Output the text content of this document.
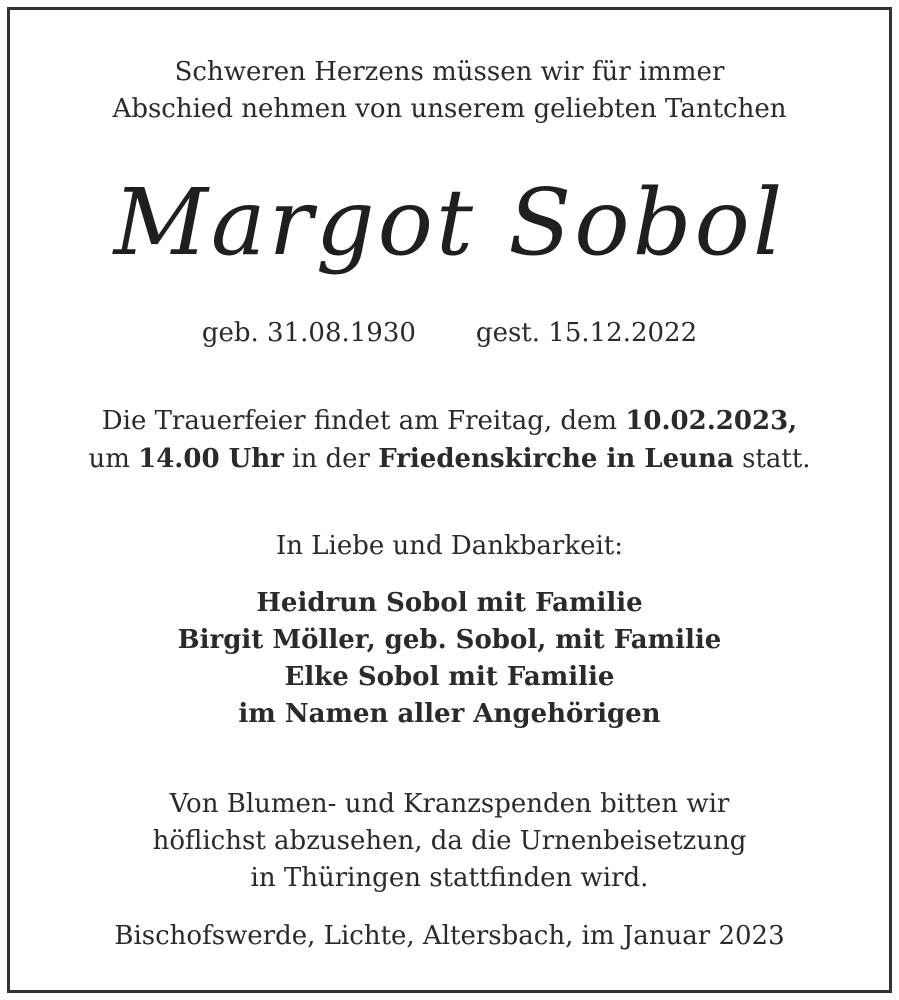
Schweren Herzens müssen wir für immer
Abschied nehmen von unserem geliebten Tantchen
Margot Sobol
geb. 31.08.1930 gest. 15.12.2022
Die Trauerfeier findet am Freitag, dem 10.02.2023,
um 14.00 Uhr in der Friedenskirche in Leuna statt.
In Liebe und Dankbarkeit:
Heidrun Sobol mit Familie
Birgit Möller, geb. Sobol, mit Familie
Elke Sobol mit Familie
im Namen aller Angehörigen
Von Blumen- und Kranzspenden bitten wir
höflichst abzusehen, da die Urnenbeisetzung
in Thüringen stattfinden wird.
Bischofswerde, Lichte, Altersbach, im Januar 2023
